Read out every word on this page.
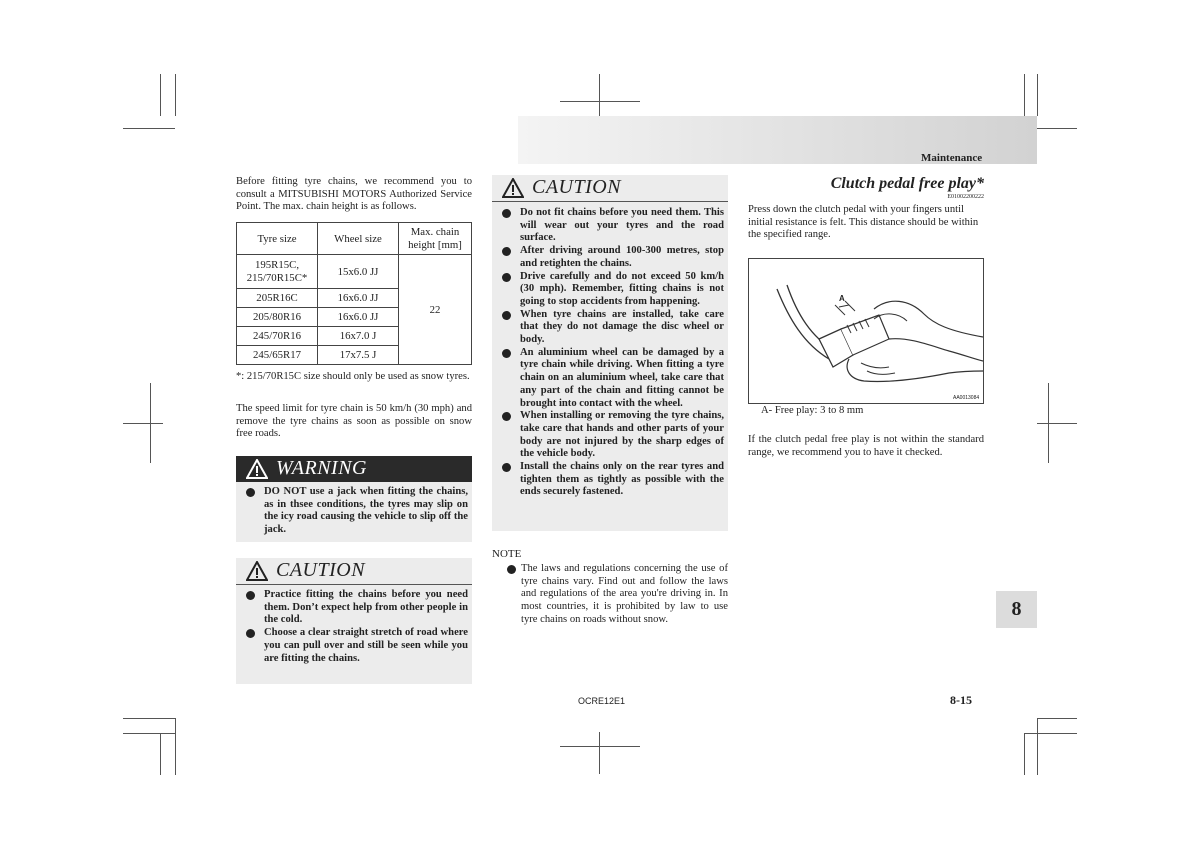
Maintenance
Before fitting tyre chains, we recommend you to consult a MITSUBISHI MOTORS Authorized Service Point. The max. chain height is as follows.
Tyre size	Wheel size	Max. chain height [mm]
195R15C, 215/70R15C*	15x6.0 JJ	22
205R16C	16x6.0 JJ	
205/80R16	16x6.0 JJ	
245/70R16	16x7.0 J	
245/65R17	17x7.5 J	
*: 215/70R15C size should only be used as snow tyres.
The speed limit for tyre chain is 50 km/h (30 mph) and remove the tyre chains as soon as possible on snow free roads.
WARNING
DO NOT use a jack when fitting the chains, as in thsee conditions, the tyres may slip on the icy road causing the vehicle to slip off the jack.
CAUTION
Practice fitting the chains before you need them. Don’t expect help from other people in the cold.
Choose a clear straight stretch of road where you can pull over and still be seen while you are fitting the chains.
CAUTION
Do not fit chains before you need them. This will wear out your tyres and the road surface.
After driving around 100-300 metres, stop and retighten the chains.
Drive carefully and do not exceed 50 km/h (30 mph). Remember, fitting chains is not going to stop accidents from happening.
When tyre chains are installed, take care that they do not damage the disc wheel or body.
An aluminium wheel can be damaged by a tyre chain while driving. When fitting a tyre chain on an aluminium wheel, take care that any part of the chain and fitting cannot be brought into contact with the wheel.
When installing or removing the tyre chains, take care that hands and other parts of your body are not injured by the sharp edges of the vehicle body.
Install the chains only on the rear tyres and tighten them as tightly as possible with the ends securely fastened.
NOTE
The laws and regulations concerning the use of tyre chains vary. Find out and follow the laws and regulations of the area you're driving in. In most countries, it is prohibited by law to use tyre chains on roads without snow.
Clutch pedal free play*
E01002200222
Press down the clutch pedal with your fingers until initial resistance is felt. This distance should be within the specified range.
A
AA0013084
A- Free play: 3 to 8 mm
If the clutch pedal free play is not within the standard range, we recommend you to have it checked.
8
OCRE12E1	8-15
